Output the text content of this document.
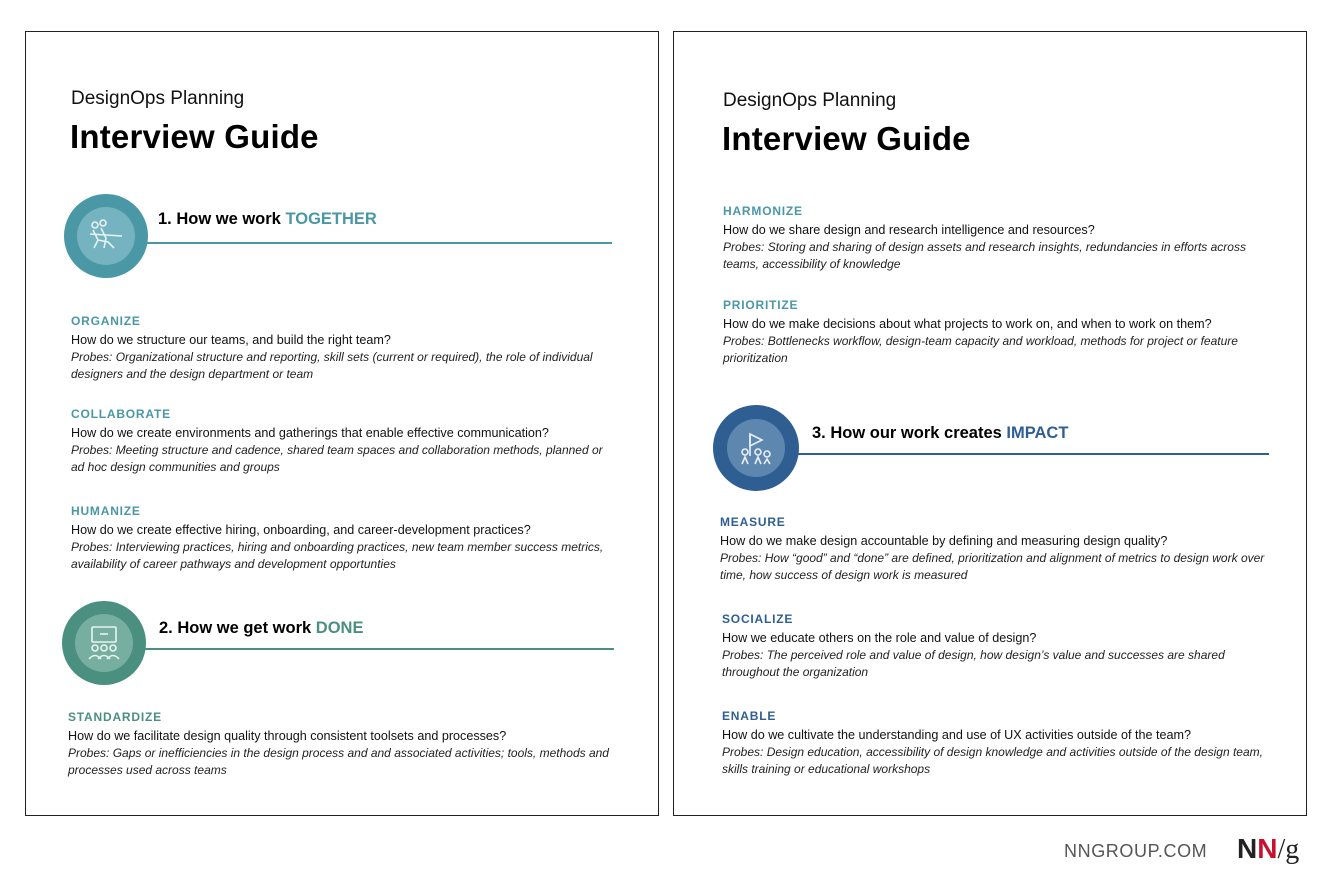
DesignOps Planning
Interview Guide
1. How we work TOGETHER
ORGANIZE
How do we structure our teams, and build the right team?
Probes: Organizational structure and reporting, skill sets (current or required), the role of individual designers and the design department or team
COLLABORATE
How do we create environments and gatherings that enable effective communication?
Probes: Meeting structure and cadence, shared team spaces and collaboration methods, planned or ad hoc design communities and groups
HUMANIZE
How do we create effective hiring, onboarding, and career-development practices?
Probes: Interviewing practices, hiring and onboarding practices, new team member success metrics, availability of career pathways and development opportunties
2. How we get work DONE
STANDARDIZE
How do we facilitate design quality through consistent toolsets and processes?
Probes: Gaps or inefficiencies in the design process and and associated activities; tools, methods and processes used across teams
DesignOps Planning
Interview Guide
HARMONIZE
How do we share design and research intelligence and resources?
Probes: Storing and sharing of design assets and research insights, redundancies in efforts across teams, accessibility of knowledge
PRIORITIZE
How do we make decisions about what projects to work on, and when to work on them?
Probes: Bottlenecks workflow, design-team capacity and workload, methods for project or feature prioritization
3. How our work creates IMPACT
MEASURE
How do we make design accountable by defining and measuring design quality?
Probes: How “good” and “done” are defined, prioritization and alignment of metrics to design work over time, how success of design work is measured
SOCIALIZE
How we educate others on the role and value of design?
Probes: The perceived role and value of design, how design’s value and successes are shared throughout the organization
ENABLE
How do we cultivate the understanding and use of UX activities outside of the team?
Probes: Design education, accessibility of design knowledge and activities outside of the design team, skills training or educational workshops
NNGROUP.COM NN/g
